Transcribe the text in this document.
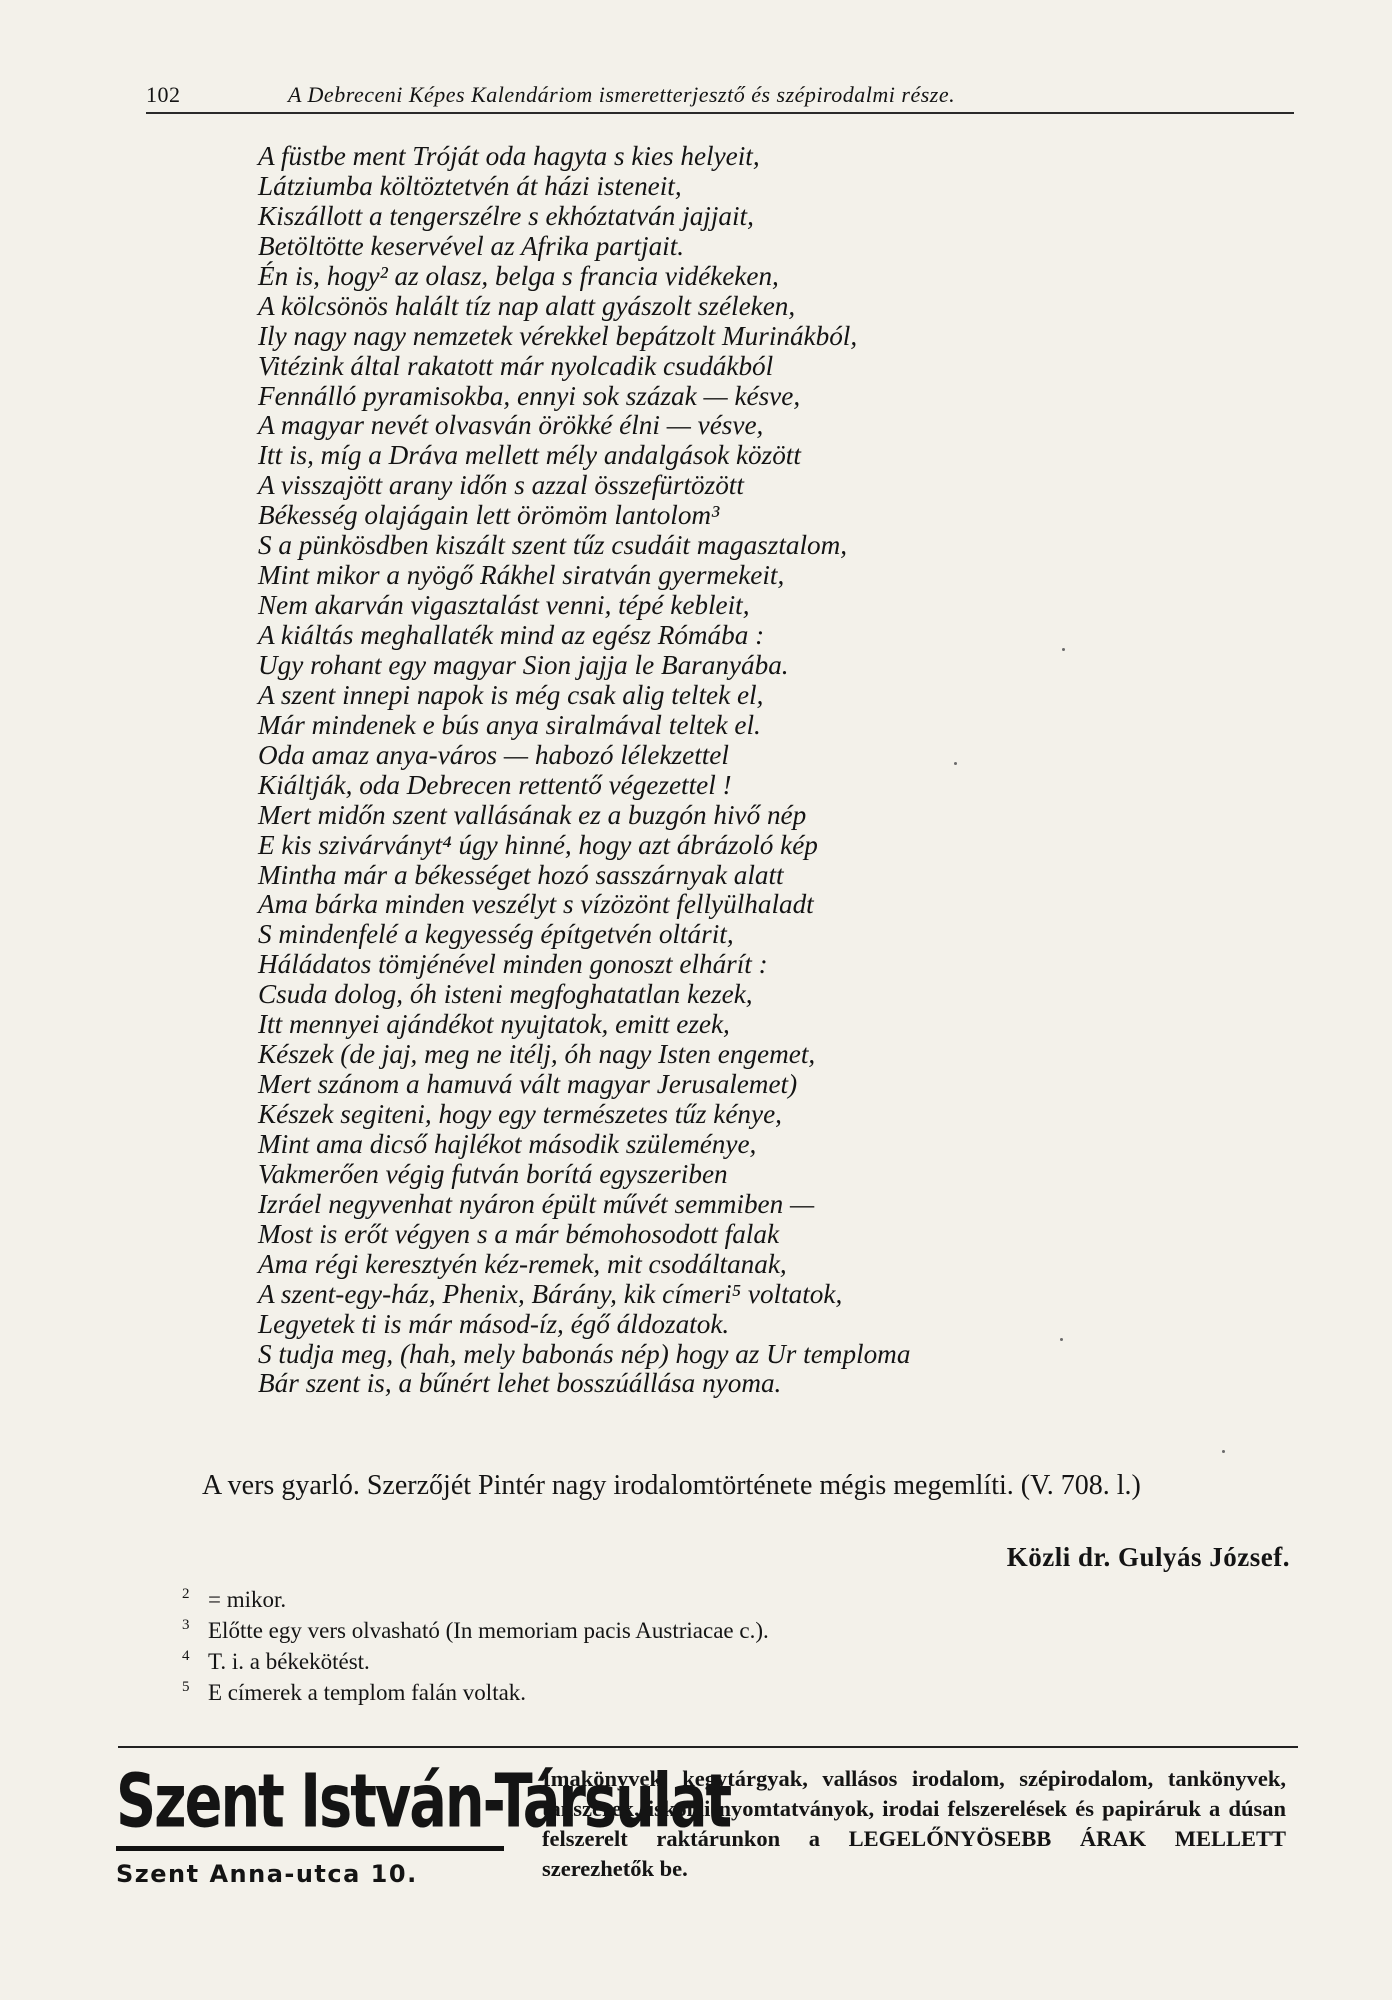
102	A Debreceni Képes Kalendáriom ismeretterjesztő és szépirodalmi része.
A füstbe ment Tróját oda hagyta s kies helyeit,
Látziumba költöztetvén át házi isteneit,
Kiszállott a tengerszélre s ekhóztatván jajjait,
Betöltötte keservével az Afrika partjait.
Én is, hogy² az olasz, belga s francia vidékeken,
A kölcsönös halált tíz nap alatt gyászolt széleken,
Ily nagy nagy nemzetek vérekkel bepátzolt Murinákból,
Vitézink által rakatott már nyolcadik csudákból
Fennálló pyramisokba, ennyi sok százak — késve,
A magyar nevét olvasván örökké élni — vésve,
Itt is, míg a Dráva mellett mély andalgások között
A visszajött arany időn s azzal összefürtözött
Békesség olajágain lett örömöm lantolom³
S a pünkösdben kiszált szent tűz csudáit magasztalom,
Mint mikor a nyögő Rákhel siratván gyermekeit,
Nem akarván vigasztalást venni, tépé kebleit,
A kiáltás meghallaték mind az egész Rómába :
Ugy rohant egy magyar Sion jajja le Baranyába.
A szent innepi napok is még csak alig teltek el,
Már mindenek e bús anya siralmával teltek el.
Oda amaz anya-város — habozó lélekzettel
Kiáltják, oda Debrecen rettentő végezettel !
Mert midőn szent vallásának ez a buzgón hivő nép
E kis szivárványt⁴ úgy hinné, hogy azt ábrázoló kép
Mintha már a békességet hozó sasszárnyak alatt
Ama bárka minden veszélyt s vízözönt fellyülhaladt
S mindenfelé a kegyesség építgetvén oltárit,
Háládatos tömjénével minden gonoszt elhárít :
Csuda dolog, óh isteni megfoghatatlan kezek,
Itt mennyei ajándékot nyujtatok, emitt ezek,
Készek (de jaj, meg ne itélj, óh nagy Isten engemet,
Mert szánom a hamuvá vált magyar Jerusalemet)
Készek segiteni, hogy egy természetes tűz kénye,
Mint ama dicső hajlékot második szüleménye,
Vakmerően végig futván borítá egyszeriben
Izráel negyvenhat nyáron épült művét semmiben —
Most is erőt végyen s a már bémohosodott falak
Ama régi keresztyén kéz-remek, mit csodáltanak,
A szent-egy-ház, Phenix, Bárány, kik címeri⁵ voltatok,
Legyetek ti is már másod-íz, égő áldozatok.
S tudja meg, (hah, mely babonás nép) hogy az Ur temploma
Bár szent is, a bűnért lehet bosszúállása nyoma.
A vers gyarló. Szerzőjét Pintér nagy irodalomtörténete mégis megemlíti. (V. 708. l.)
Közli dr. Gulyás József.
2 = mikor.
3 Előtte egy vers olvasható (In memoriam pacis Austriacae c.).
4 T. i. a békekötést.
5 E címerek a templom falán voltak.
Szent István-Társulat
Szent Anna-utca 10.
Imakönyvek, kegytárgyak, vallásos irodalom, szépirodalom, tankönyvek, tanszerek, iskolai nyomtatványok, irodai felszerelések és papiráruk a dúsan felszerelt raktárunkon a LEGELŐNYÖSEBB ÁRAK MELLETT szerezhetők be.
